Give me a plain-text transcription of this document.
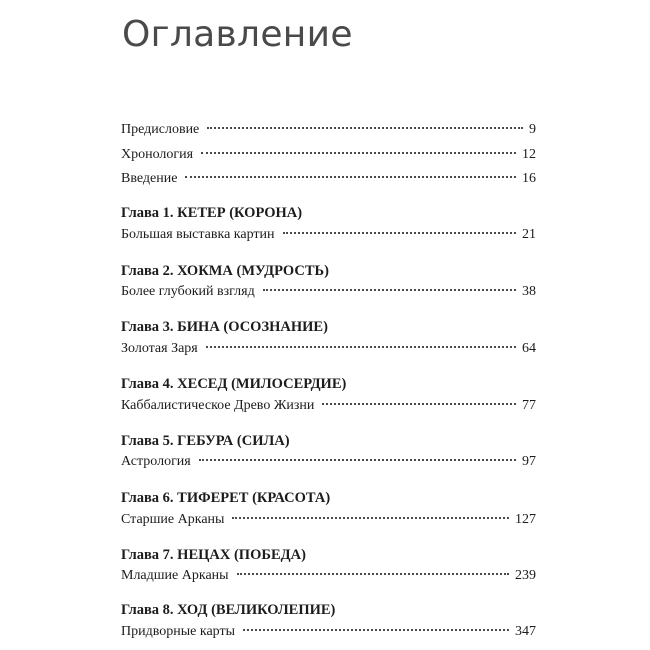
Оглавление
Предисловие	9
Хронология	12
Введение	16
Глава 1. КЕТЕР (КОРОНА)
Большая выставка картин	21
Глава 2. ХОКМА (МУДРОСТЬ)
Более глубокий взгляд	38
Глава 3. БИНА (ОСОЗНАНИЕ)
Золотая Заря	64
Глава 4. ХЕСЕД (МИЛОСЕРДИЕ)
Каббалистическое Древо Жизни	77
Глава 5. ГЕБУРА (СИЛА)
Астрология	97
Глава 6. ТИФЕРЕТ (КРАСОТА)
Старшие Арканы	127
Глава 7. НЕЦАХ (ПОБЕДА)
Младшие Арканы	239
Глава 8. ХОД (ВЕЛИКОЛЕПИЕ)
Придворные карты	347
